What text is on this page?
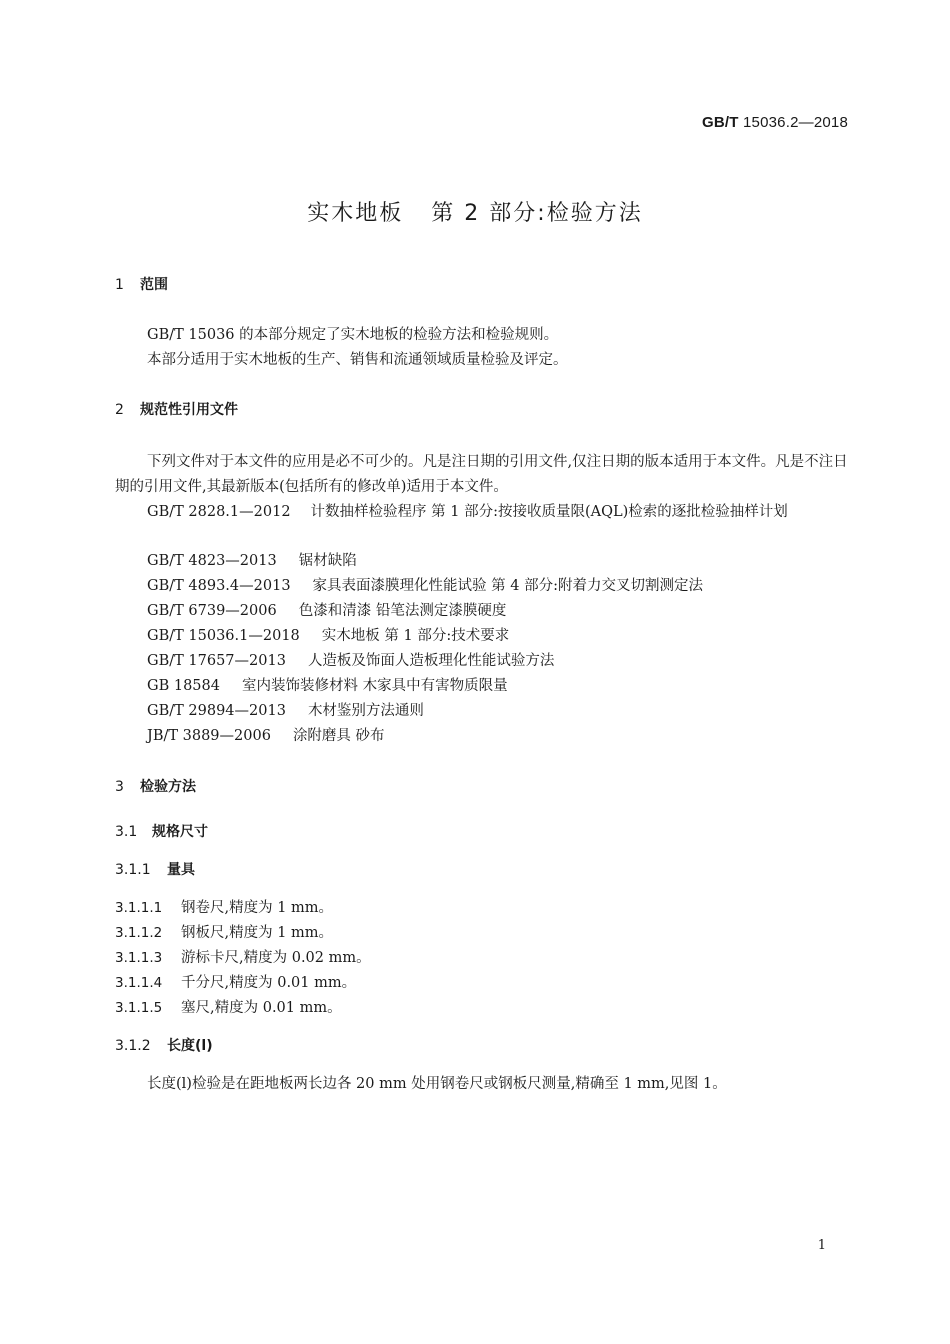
GB/T 15036.2—2018
实木地板 第 2 部分:检验方法
1 范围
GB/T 15036 的本部分规定了实木地板的检验方法和检验规则。
本部分适用于实木地板的生产、销售和流通领域质量检验及评定。
2 规范性引用文件
下列文件对于本文件的应用是必不可少的。凡是注日期的引用文件,仅注日期的版本适用于本文件。凡是不注日期的引用文件,其最新版本(包括所有的修改单)适用于本文件。
GB/T 2828.1—2012 计数抽样检验程序 第 1 部分:按接收质量限(AQL)检索的逐批检验抽样计划
GB/T 4823—2013 锯材缺陷
GB/T 4893.4—2013 家具表面漆膜理化性能试验 第 4 部分:附着力交叉切割测定法
GB/T 6739—2006 色漆和清漆 铅笔法测定漆膜硬度
GB/T 15036.1—2018 实木地板 第 1 部分:技术要求
GB/T 17657—2013 人造板及饰面人造板理化性能试验方法
GB 18584 室内装饰装修材料 木家具中有害物质限量
GB/T 29894—2013 木材鉴别方法通则
JB/T 3889—2006 涂附磨具 砂布
3 检验方法
3.1 规格尺寸
3.1.1 量具
3.1.1.1 钢卷尺,精度为 1 mm。
3.1.1.2 钢板尺,精度为 1 mm。
3.1.1.3 游标卡尺,精度为 0.02 mm。
3.1.1.4 千分尺,精度为 0.01 mm。
3.1.1.5 塞尺,精度为 0.01 mm。
3.1.2 长度(l)
长度(l)检验是在距地板两长边各 20 mm 处用钢卷尺或钢板尺测量,精确至 1 mm,见图 1。
1
